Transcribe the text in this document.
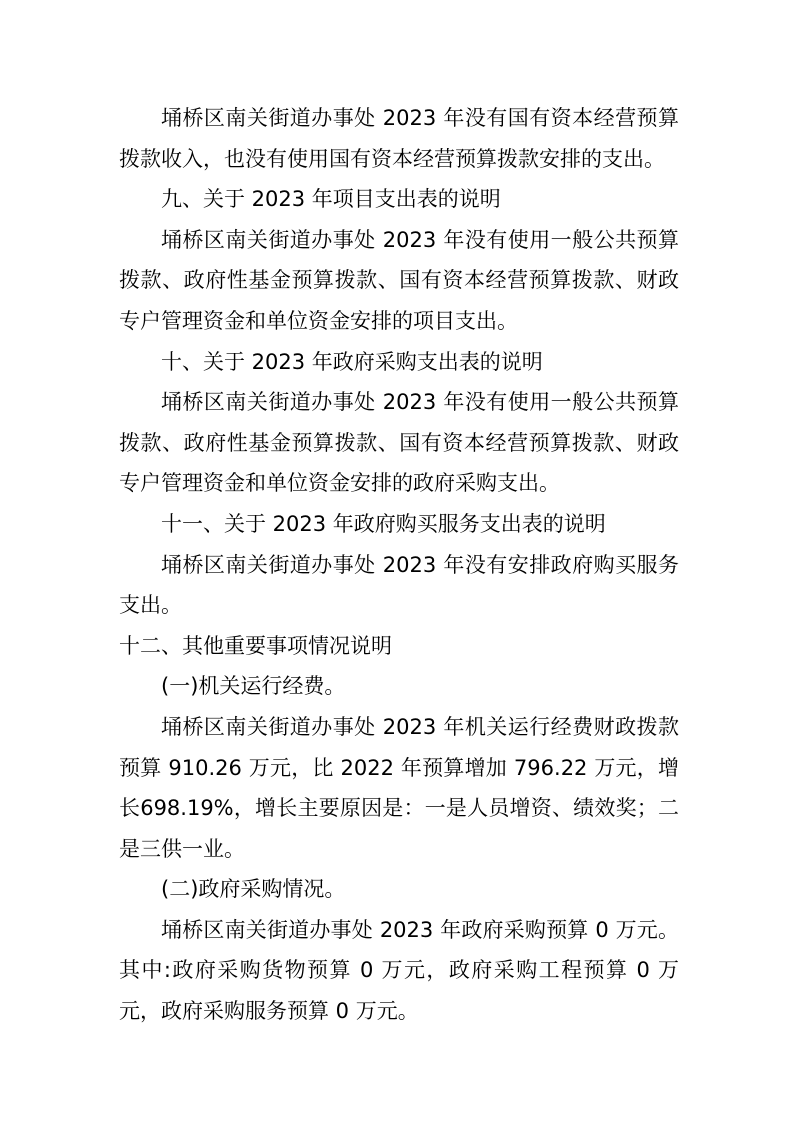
埇桥区南关街道办事处 2023 年没有国有资本经营预算拨款收入，也没有使用国有资本经营预算拨款安排的支出。

九、关于 2023 年项目支出表的说明

埇桥区南关街道办事处 2023 年没有使用一般公共预算拨款、政府性基金预算拨款、国有资本经营预算拨款、财政专户管理资金和单位资金安排的项目支出。

十、关于 2023 年政府采购支出表的说明

埇桥区南关街道办事处 2023 年没有使用一般公共预算拨款、政府性基金预算拨款、国有资本经营预算拨款、财政专户管理资金和单位资金安排的政府采购支出。

十一、关于 2023 年政府购买服务支出表的说明

埇桥区南关街道办事处 2023 年没有安排政府购买服务支出。

十二、其他重要事项情况说明

(一)机关运行经费。

埇桥区南关街道办事处 2023 年机关运行经费财政拨款预算 910.26 万元，比 2022 年预算增加 796.22 万元，增长698.19%，增长主要原因是：一是人员增资、绩效奖；二是三供一业。

(二)政府采购情况。

埇桥区南关街道办事处 2023 年政府采购预算 0 万元。其中:政府采购货物预算 0 万元，政府采购工程预算 0 万元，政府采购服务预算 0 万元。
